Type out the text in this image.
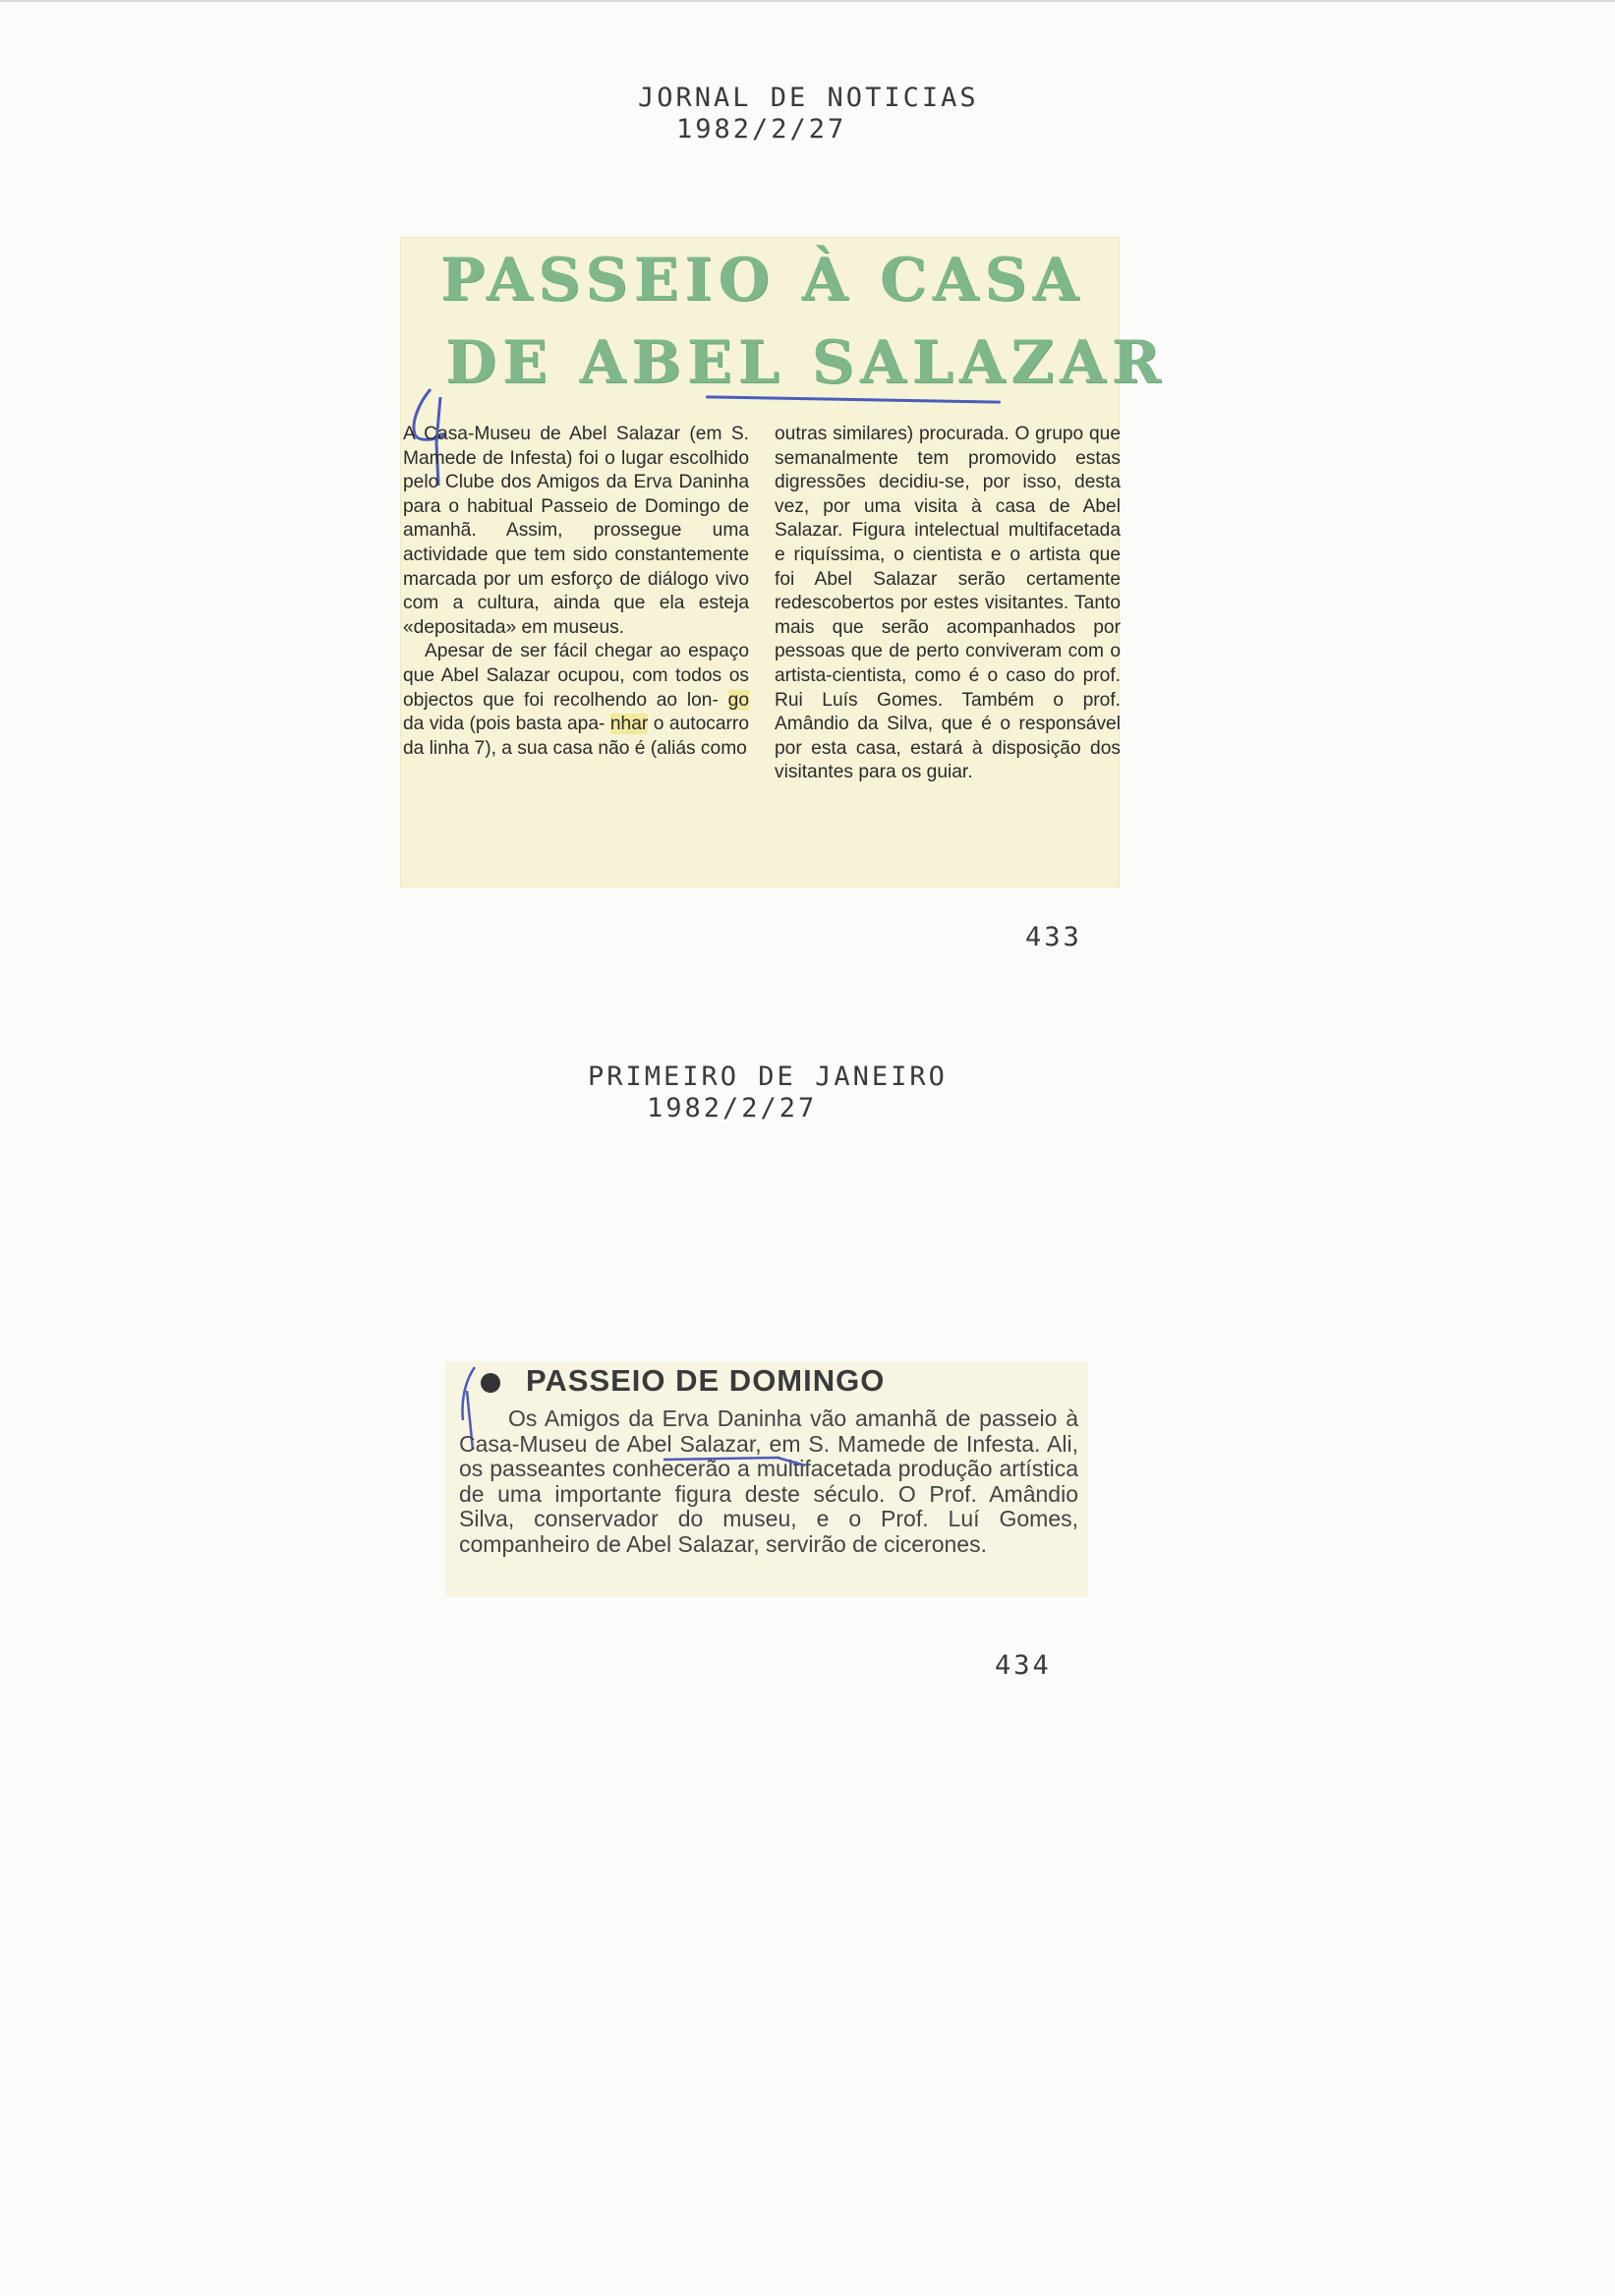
JORNAL DE NOTICIAS
1982/2/27
PASSEIO À CASA
DE ABEL SALAZAR

A Casa-Museu de Abel Salazar (em S. Mamede de Infesta) foi o lugar escolhido pelo Clube dos Amigos da Erva Daninha para o habitual Passeio de Domingo de amanhã. Assim, prossegue uma actividade que tem sido constantemente marcada por um esforço de diálogo vivo com a cultura, ainda que ela esteja «depositada» em museus.

Apesar de ser fácil chegar ao espaço que Abel Salazar ocupou, com todos os objectos que foi recolhendo ao lon- go da vida (pois basta apa- nhar o autocarro da linha 7), a sua casa não é (aliás como

outras similares) procurada. O grupo que semanalmente tem promovido estas digressões decidiu-se, por isso, desta vez, por uma visita à casa de Abel Salazar. Figura intelectual multifacetada e riquíssima, o cientista e o artista que foi Abel Salazar serão certamente redescobertos por estes visitantes. Tanto mais que serão acompanhados por pessoas que de perto conviveram com o artista-cientista, como é o caso do prof. Rui Luís Gomes. Também o prof. Amândio da Silva, que é o responsável por esta casa, estará à disposição dos visitantes para os guiar.

433
PRIMEIRO DE JANEIRO
1982/2/27
PASSEIO DE DOMINGO
Os Amigos da Erva Daninha vão amanhã de passeio à Casa-Museu de Abel Salazar, em S. Mamede de Infesta. Ali, os passeantes conhecerão a multifacetada produção artística de uma importante figura deste século. O Prof. Amândio Silva, conservador do museu, e o Prof. Luí Gomes, companheiro de Abel Salazar, servirão de cicerones.
434
